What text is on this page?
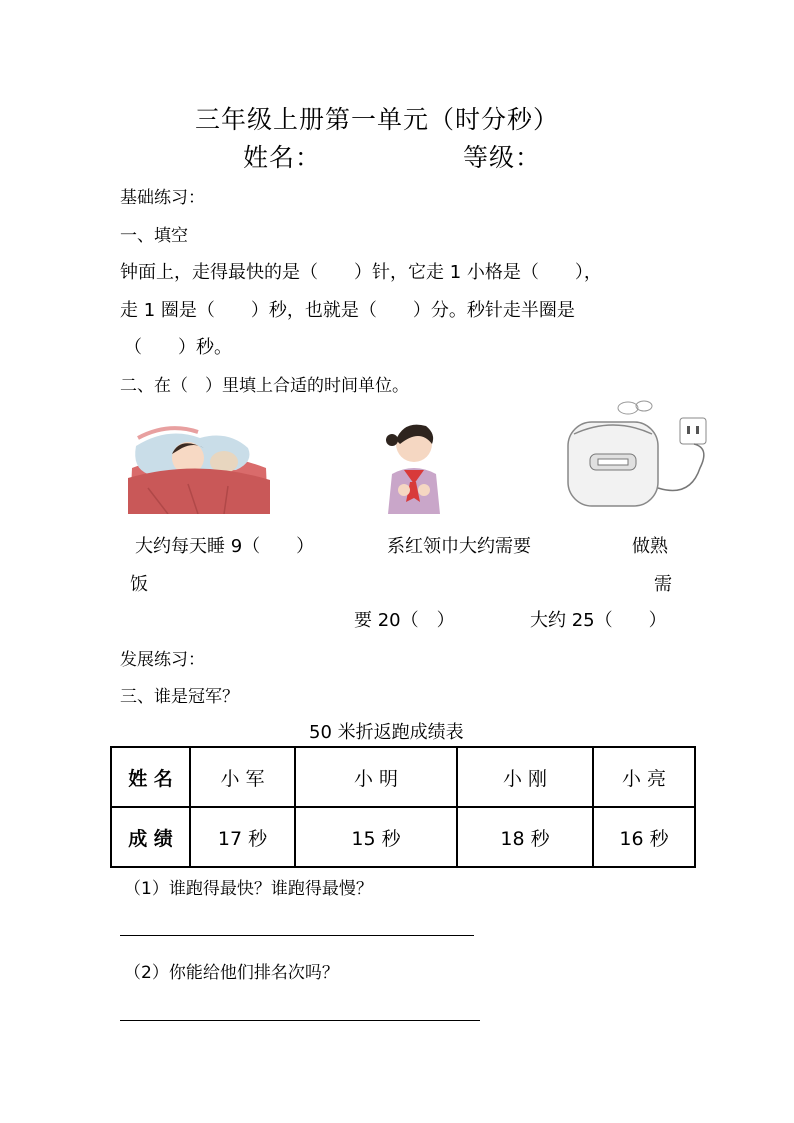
三年级上册第一单元（时分秒）
姓名：	等级：
基础练习：
一、填空
钟面上，走得最快的是（　　）针，它走 1 小格是（　　），
走 1 圈是（　　）秒，也就是（　　）分。秒针走半圈是
（　　）秒。
二、在（　）里填上合适的时间单位。
大约每天睡 9（　　）	系红领巾大约需要	做熟
饭	需
要 20（　）	大约 25（　　）
发展练习：
三、谁是冠军？
50 米折返跑成绩表
姓 名	小 军	小 明	小 刚	小 亮
成 绩	17 秒	15 秒	18 秒	16 秒
（1）谁跑得最快？谁跑得最慢？
（2）你能给他们排名次吗？
